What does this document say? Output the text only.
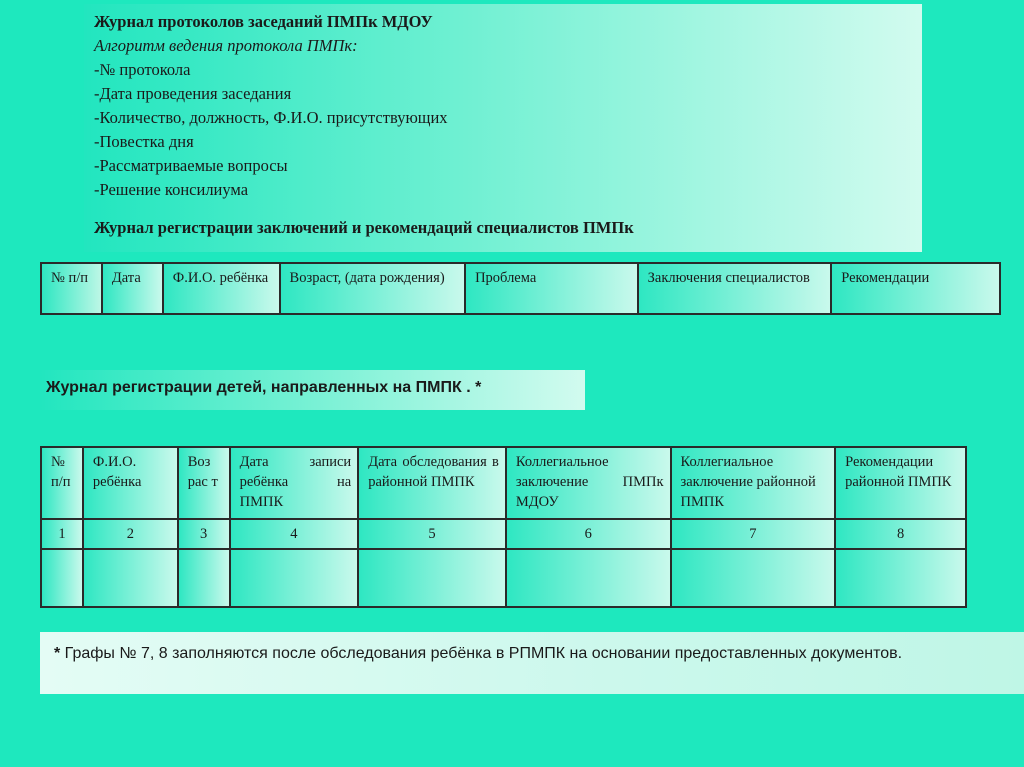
Журнал протоколов заседаний ПМПк МДОУ
Алгоритм ведения протокола ПМПк:
-№ протокола
-Дата проведения заседания
-Количество, должность, Ф.И.О. присутствующих
-Повестка дня
-Рассматриваемые вопросы
-Решение консилиума
Журнал регистрации заключений и рекомендаций специалистов ПМПк
№ п/п	Дата	Ф.И.О. ребёнка	Возраст, (дата рождения)	Проблема	Заключения специалистов	Рекомендации
Журнал регистрации детей, направленных на ПМПК . *
№ п/п	Ф.И.О. ребёнка	Воз рас т	Дата записи ребёнка на ПМПК	Дата обследования в районной ПМПК	Коллегиальное заключение ПМПк МДОУ	Коллегиальное заключение районной ПМПК	Рекомендации районной ПМПК
1	2	3	4	5	6	7	8

* Графы № 7, 8 заполняются после обследования ребёнка в РПМПК на основании предоставленных документов.
